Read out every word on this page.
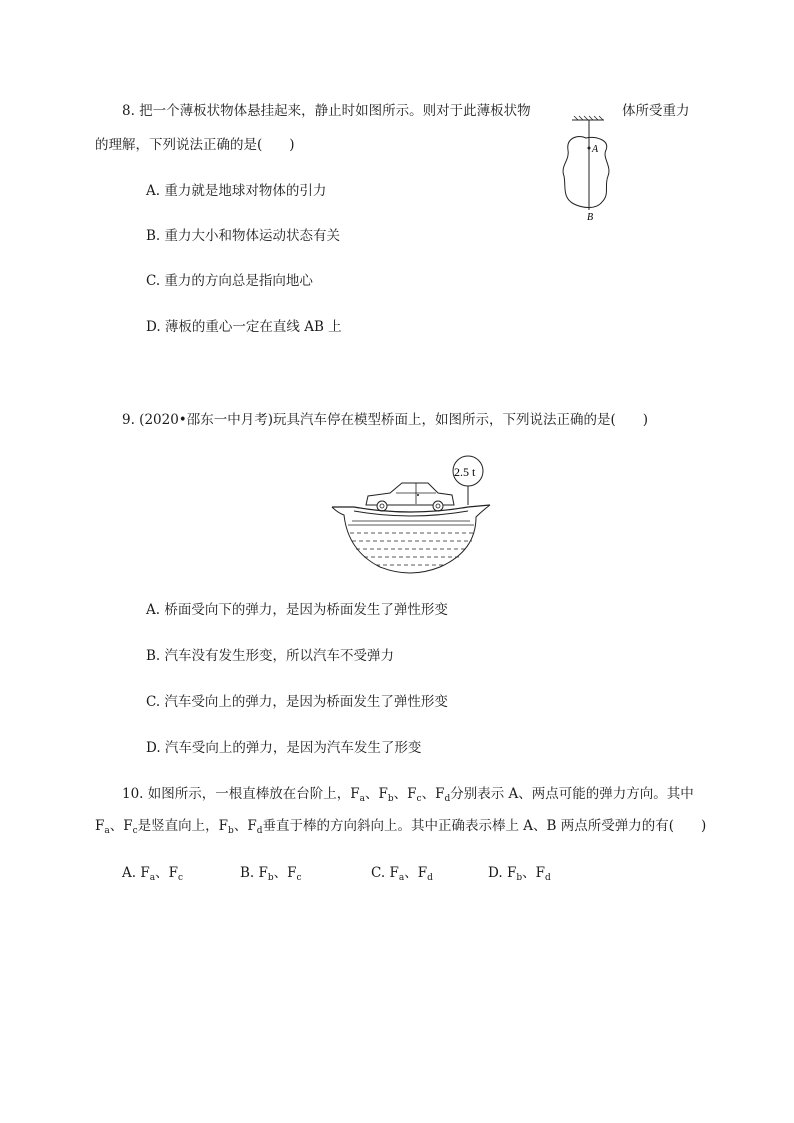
8. 把一个薄板状物体悬挂起来，静止时如图所示。则对于此薄板状物	体所受重力
的理解，下列说法正确的是(　　)	A
B
A. 重力就是地球对物体的引力
B. 重力大小和物体运动状态有关
C. 重力的方向总是指向地心
D. 薄板的重心一定在直线 AB 上
9. (2020•邵东一中月考)玩具汽车停在模型桥面上，如图所示，下列说法正确的是(　　)
2.5 t
A. 桥面受向下的弹力，是因为桥面发生了弹性形变
B. 汽车没有发生形变，所以汽车不受弹力
C. 汽车受向上的弹力，是因为桥面发生了弹性形变
D. 汽车受向上的弹力，是因为汽车发生了形变
10. 如图所示，一根直棒放在台阶上，$F_a$、$F_b$、$F_c$、$F_d$分别表示 A、两点可能的弹力方向。其中
$F_a$、$F_c$是竖直向上，$F_b$、$F_d$垂直于棒的方向斜向上。其中正确表示棒上 A、B 两点所受弹力的有(　　)
A. $F_a$、$F_c$	B. $F_b$、$F_c$	C. $F_a$、$F_d$	D. $F_b$、$F_d$
